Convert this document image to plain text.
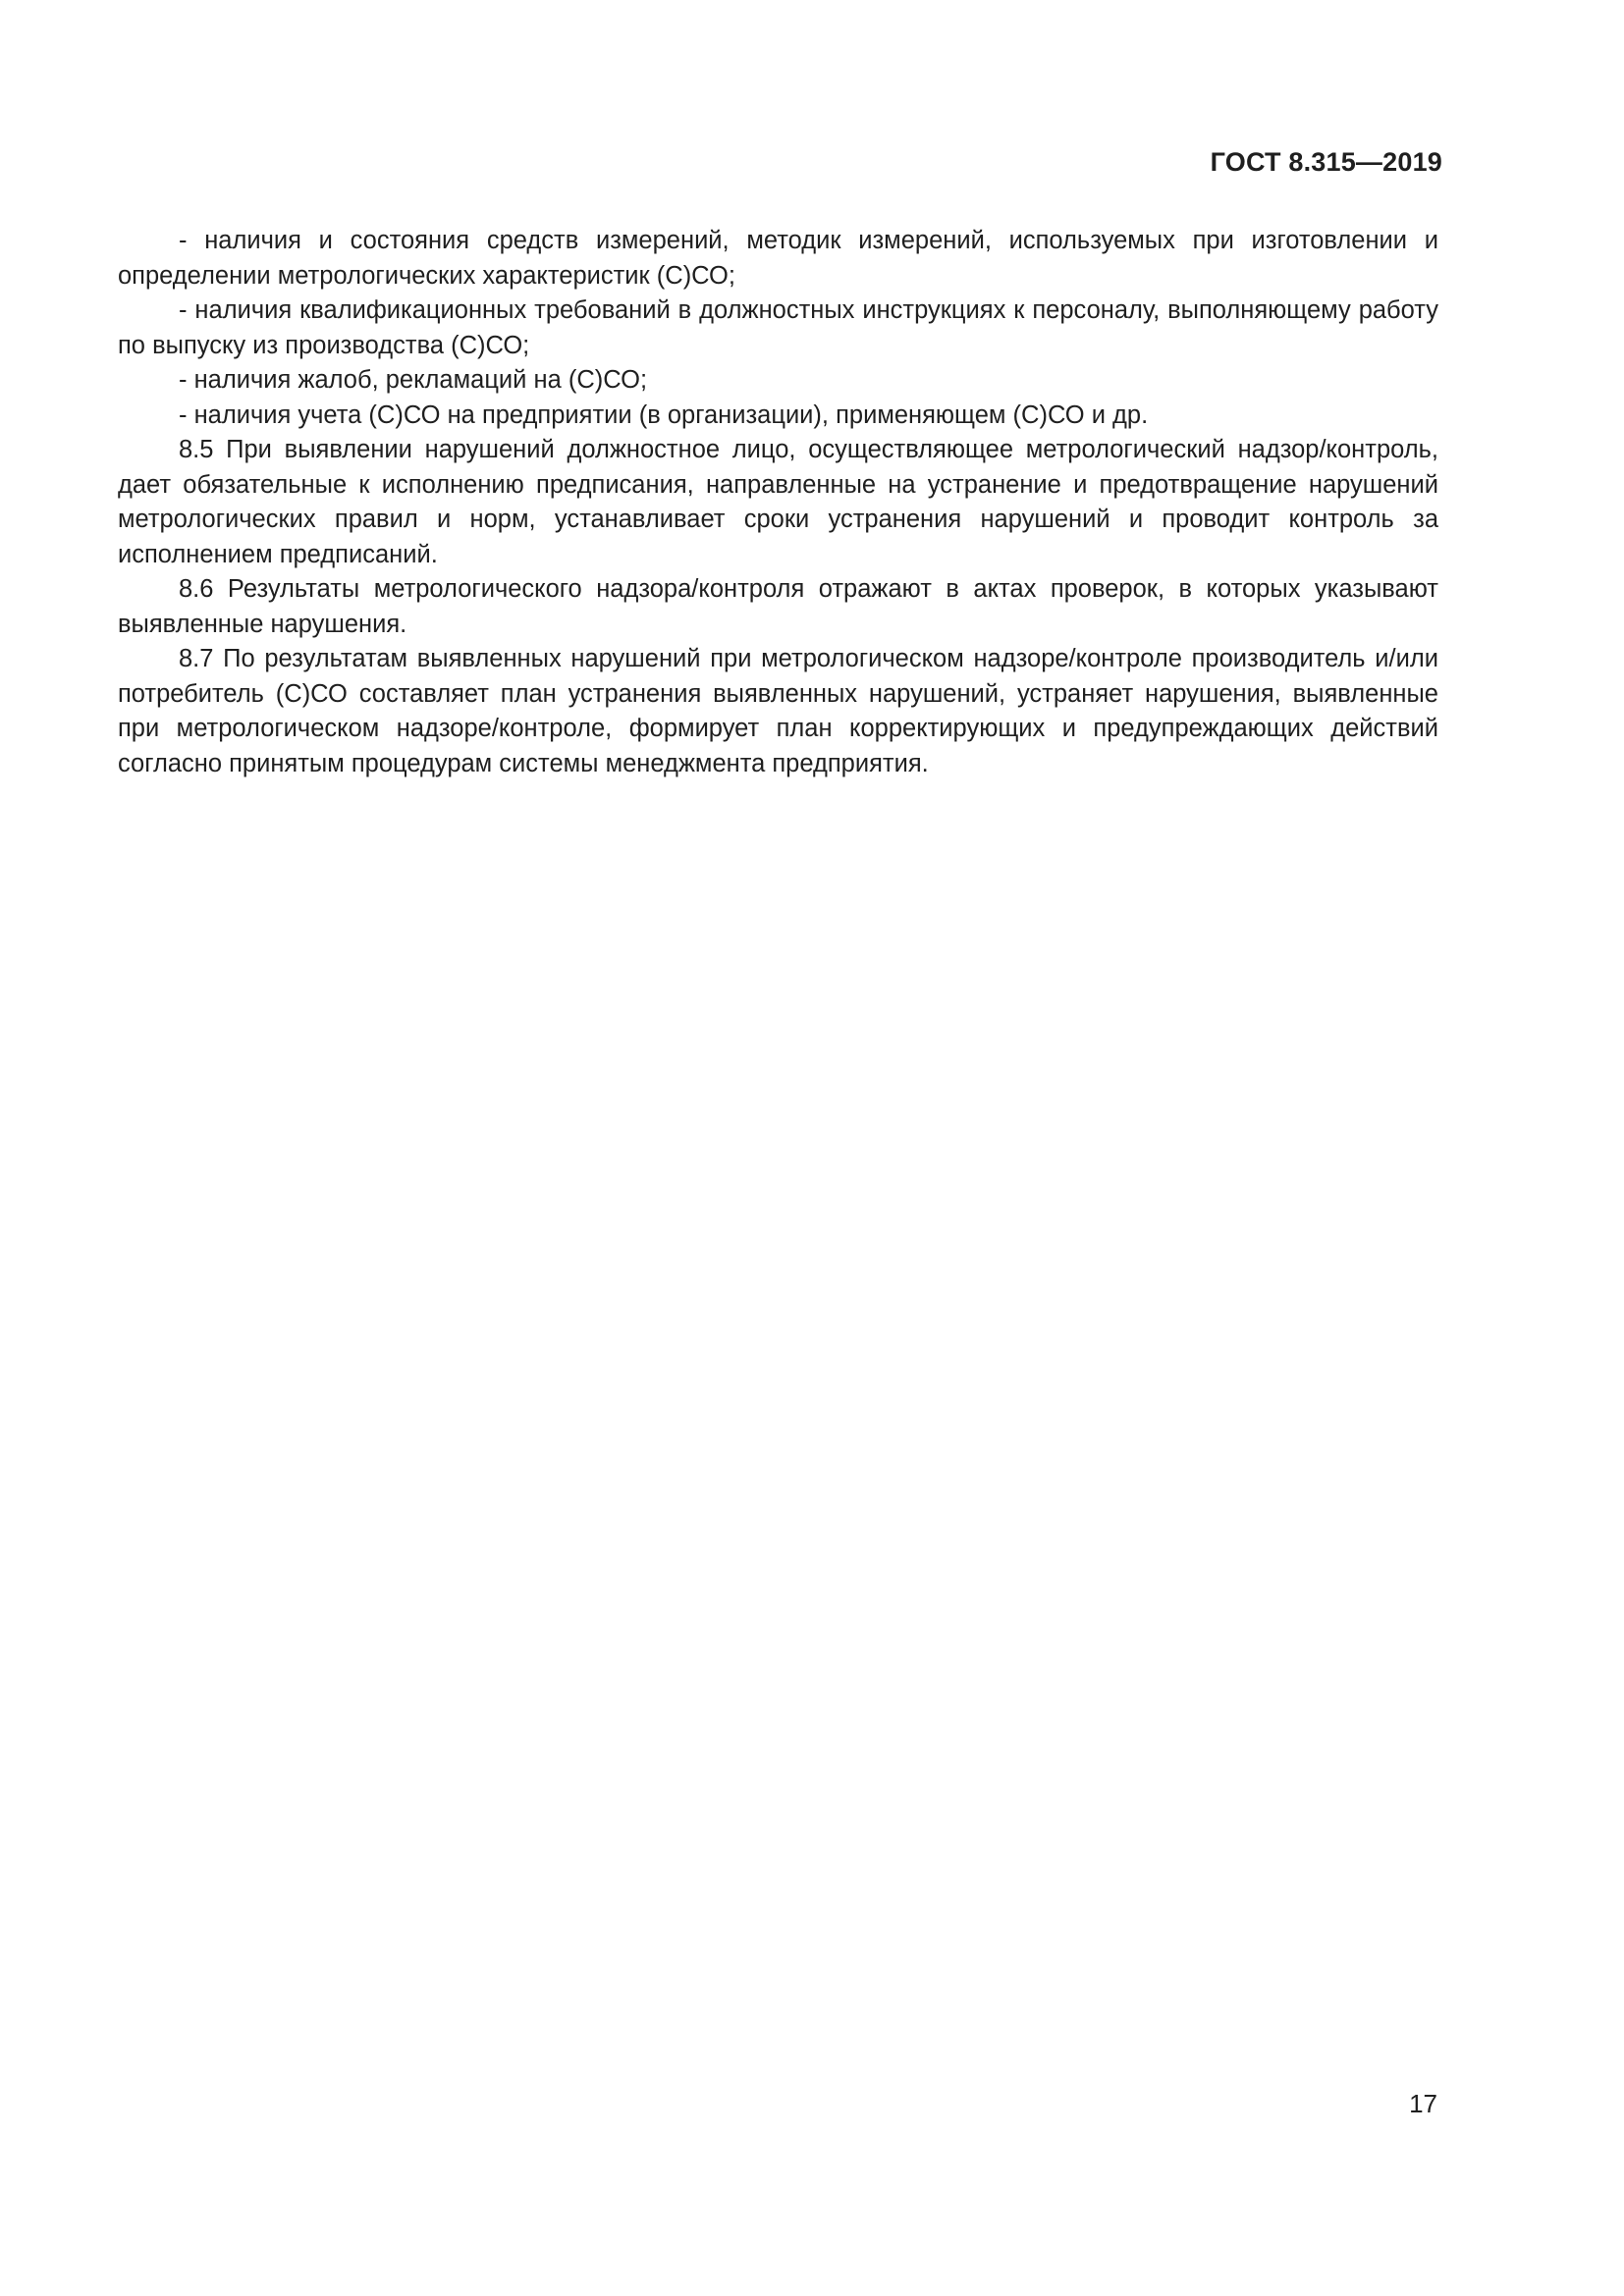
ГОСТ 8.315—2019

- наличия и состояния средств измерений, методик измерений, используемых при изготовлении и определении метрологических характеристик (С)СО;

- наличия квалификационных требований в должностных инструкциях к персоналу, выполняющему работу по выпуску из производства (С)СО;

- наличия жалоб, рекламаций на (С)СО;

- наличия учета (С)СО на предприятии (в организации), применяющем (С)СО и др.

8.5 При выявлении нарушений должностное лицо, осуществляющее метрологический надзор/контроль, дает обязательные к исполнению предписания, направленные на устранение и предотвращение нарушений метрологических правил и норм, устанавливает сроки устранения нарушений и проводит контроль за исполнением предписаний.

8.6 Результаты метрологического надзора/контроля отражают в актах проверок, в которых указывают выявленные нарушения.

8.7 По результатам выявленных нарушений при метрологическом надзоре/контроле производитель и/или потребитель (С)СО составляет план устранения выявленных нарушений, устраняет нарушения, выявленные при метрологическом надзоре/контроле, формирует план корректирующих и предупреждающих действий согласно принятым процедурам системы менеджмента предприятия.

17
